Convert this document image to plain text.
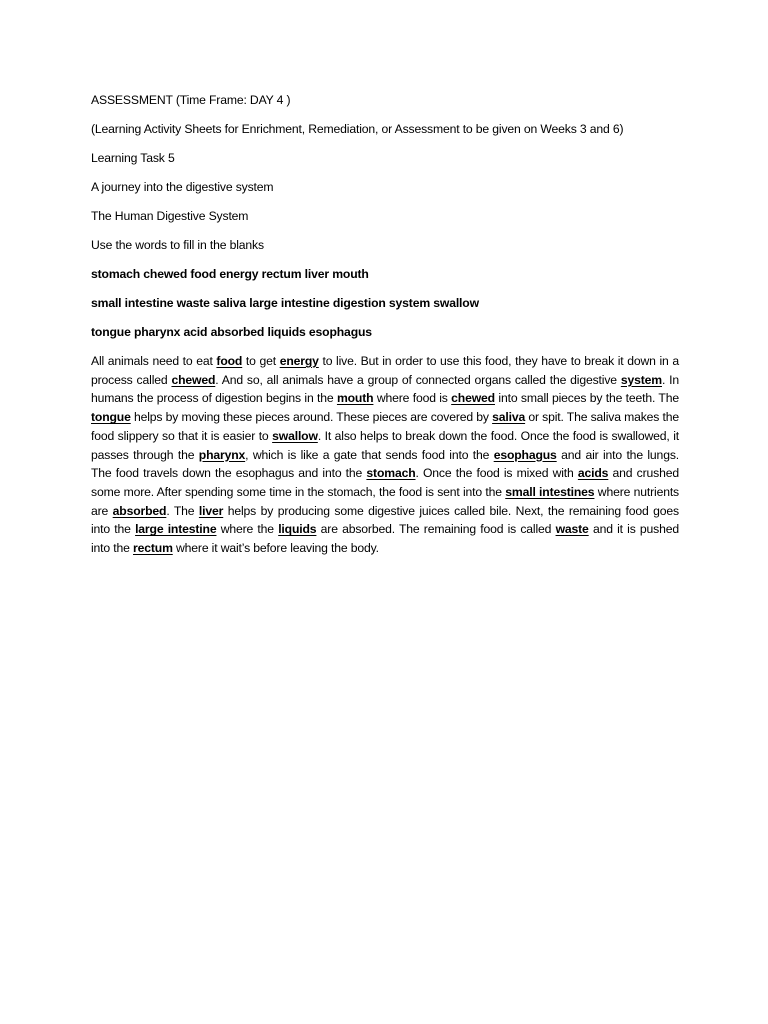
ASSESSMENT (Time Frame: DAY 4 )
(Learning Activity Sheets for Enrichment, Remediation, or Assessment to be given on Weeks 3 and 6)
Learning Task 5
A journey into the digestive system
The Human Digestive System
Use the words to fill in the blanks
stomach chewed food energy rectum liver mouth
small intestine waste saliva large intestine digestion system swallow
tongue pharynx acid absorbed liquids esophagus
All animals need to eat food to get energy to live. But in order to use this food, they have to break it down in a process called chewed. And so, all animals have a group of connected organs called the digestive system. In humans the process of digestion begins in the mouth where food is chewed into small pieces by the teeth. The tongue helps by moving these pieces around. These pieces are covered by saliva or spit. The saliva makes the food slippery so that it is easier to swallow. It also helps to break down the food. Once the food is swallowed, it passes through the pharynx, which is like a gate that sends food into the esophagus and air into the lungs. The food travels down the esophagus and into the stomach. Once the food is mixed with acids and crushed some more. After spending some time in the stomach, the food is sent into the small intestines where nutrients are absorbed. The liver helps by producing some digestive juices called bile. Next, the remaining food goes into the large intestine where the liquids are absorbed. The remaining food is called waste and it is pushed into the rectum where it wait’s before leaving the body.
